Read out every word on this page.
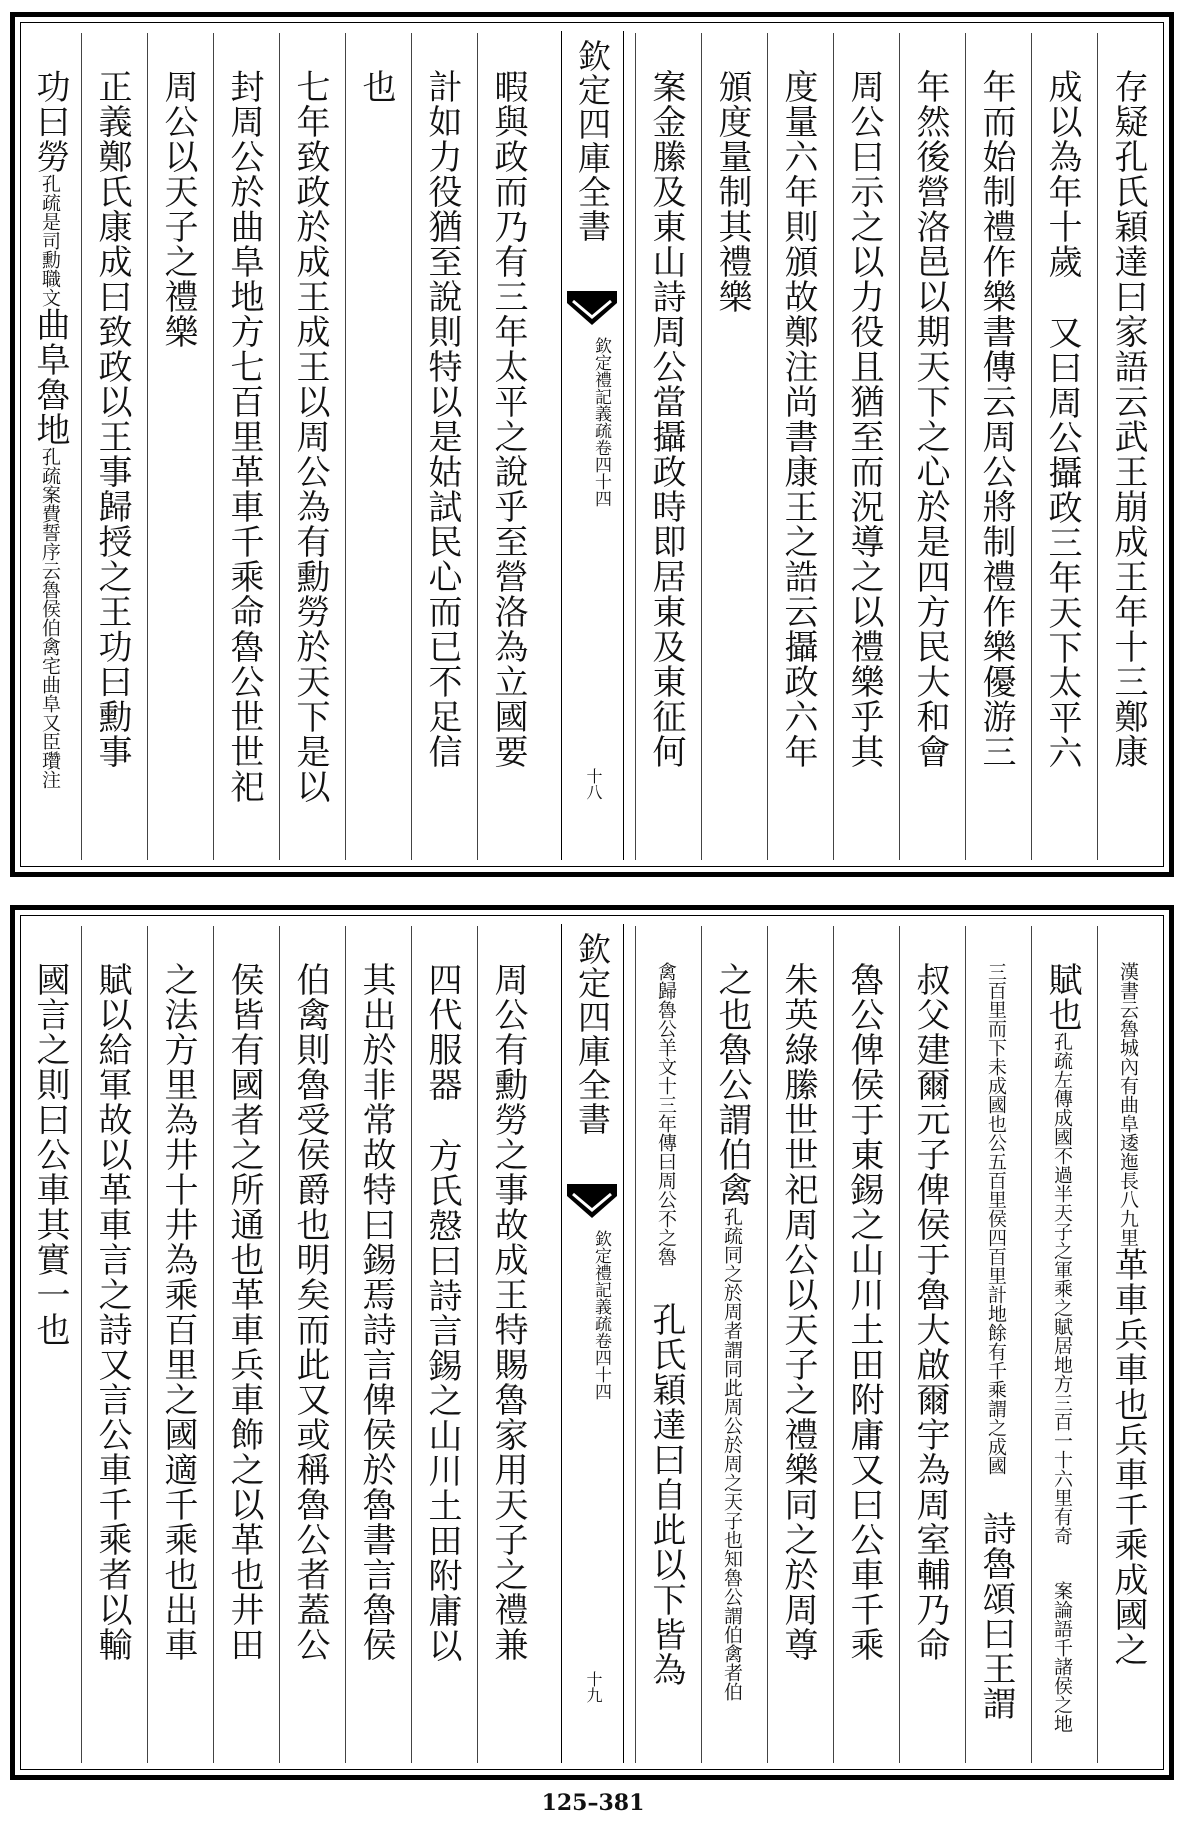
存疑孔氏穎達曰家語云武王崩成王年十三鄭康
成以為年十歲又曰周公攝政三年天下太平六
年而始制禮作樂書傳云周公將制禮作樂優游三
年然後營洛邑以期天下之心於是四方民大和會
周公曰示之以力役且猶至而況導之以禮樂乎其
度量六年則頒故鄭注尚書康王之誥云攝政六年
頒度量制其禮樂
案金縢及東山詩周公當攝政時即居東及東征何
暇與政而乃有三年太平之說乎至營洛為立國要
計如力役猶至說則特以是姑試民心而已不足信
也
七年致政於成王成王以周公為有勳勞於天下是以
封周公於曲阜地方七百里革車千乘命魯公世世祀
周公以天子之禮樂
正義鄭氏康成曰致政以王事歸授之王功曰勳事
功曰勞孔疏是司勳職文曲阜魯地孔疏案費誓序云魯侯伯禽宅曲阜又臣瓚注
欽定四庫全書
欽定禮記義疏卷四十四
十八
漢書云魯城內有曲阜逶迤長八九里革車兵車也兵車千乘成國之
賦也孔疏左傳成國不過半天子之軍乘之賦居地方三百一十六里有奇案論語千諸侯之地
三百里而下未成國也公五百里侯四百里計地餘有千乘謂之成國詩魯頌曰王謂
叔父建爾元子俾侯于魯大啟爾宇為周室輔乃命
魯公俾侯于東錫之山川土田附庸又曰公車千乘
朱英綠縢世世祀周公以天子之禮樂同之於周尊
之也魯公謂伯禽孔疏同之於周者謂同此周公於周之天子也知魯公謂伯禽者伯
禽歸魯公羊文十三年傳曰周公不之魯孔氏穎達曰自此以下皆為
周公有勳勞之事故成王特賜魯家用天子之禮兼
四代服器方氏慤曰詩言錫之山川土田附庸以
其出於非常故特曰錫焉詩言俾侯於魯書言魯侯
伯禽則魯受侯爵也明矣而此又或稱魯公者蓋公
侯皆有國者之所通也革車兵車飾之以革也井田
之法方里為井十井為乘百里之國適千乘也出車
賦以給軍故以革車言之詩又言公車千乘者以輸
國言之則曰公車其實一也	欽定四庫全書
欽定禮記義疏卷四十四
十九
125–381
